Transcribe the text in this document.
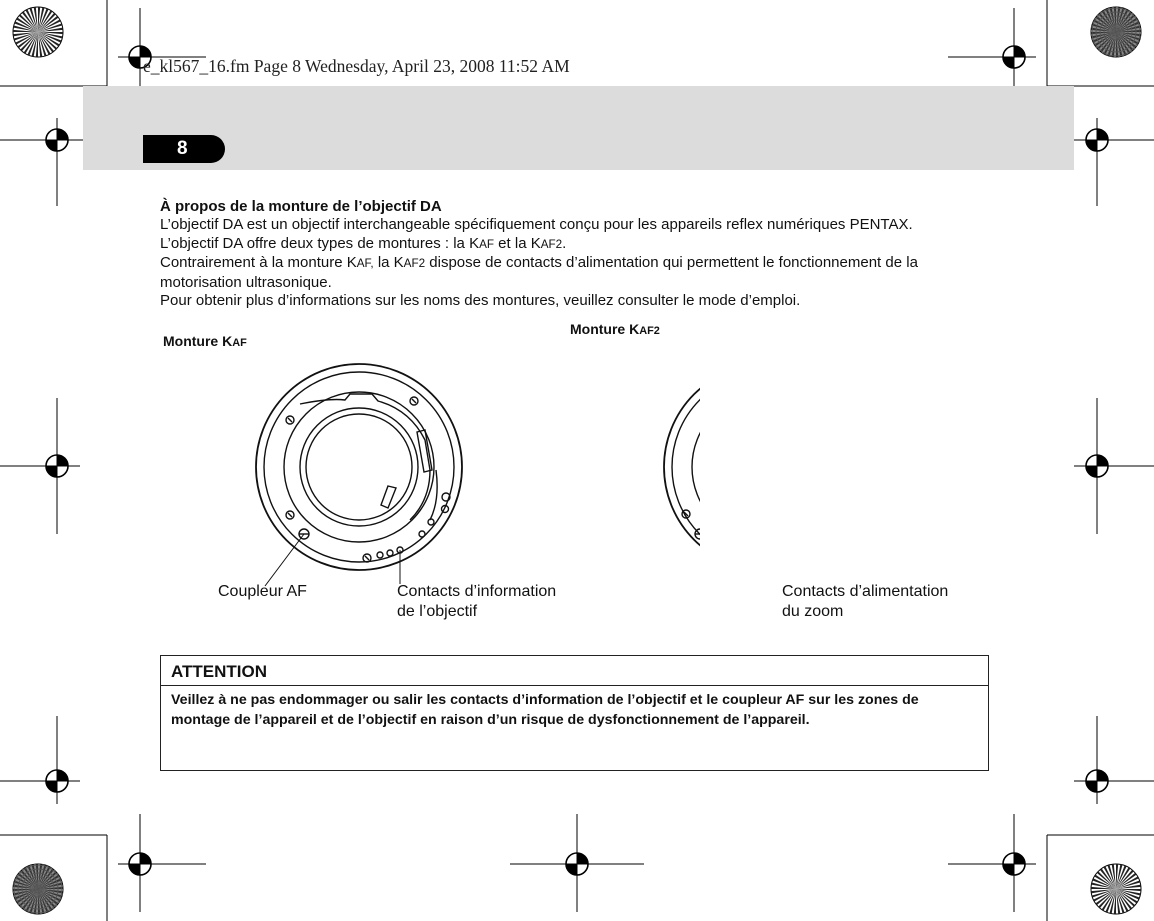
e_kl567_16.fm Page 8 Wednesday, April 23, 2008 11:52 AM
8
À propos de la monture de l’objectif DA

L’objectif DA est un objectif interchangeable spécifiquement conçu pour les appareils reflex numériques PENTAX.

L’objectif DA offre deux types de montures : la KAF et la KAF2.

Contrairement à la monture KAF, la KAF2 dispose de contacts d’alimentation qui permettent le fonctionnement de la motorisation ultrasonique.

Pour obtenir plus d’informations sur les noms des montures, veuillez consulter le mode d’emploi.

Monture KAF
Monture KAF2
Coupleur AF	Contacts d’information
de l’objectif
Contacts d’alimentation
du zoom
ATTENTION
Veillez à ne pas endommager ou salir les contacts d’information de l’objectif et le coupleur AF sur les zones de montage de l’appareil et de l’objectif en raison d’un risque de dysfonctionnement de l’appareil.
